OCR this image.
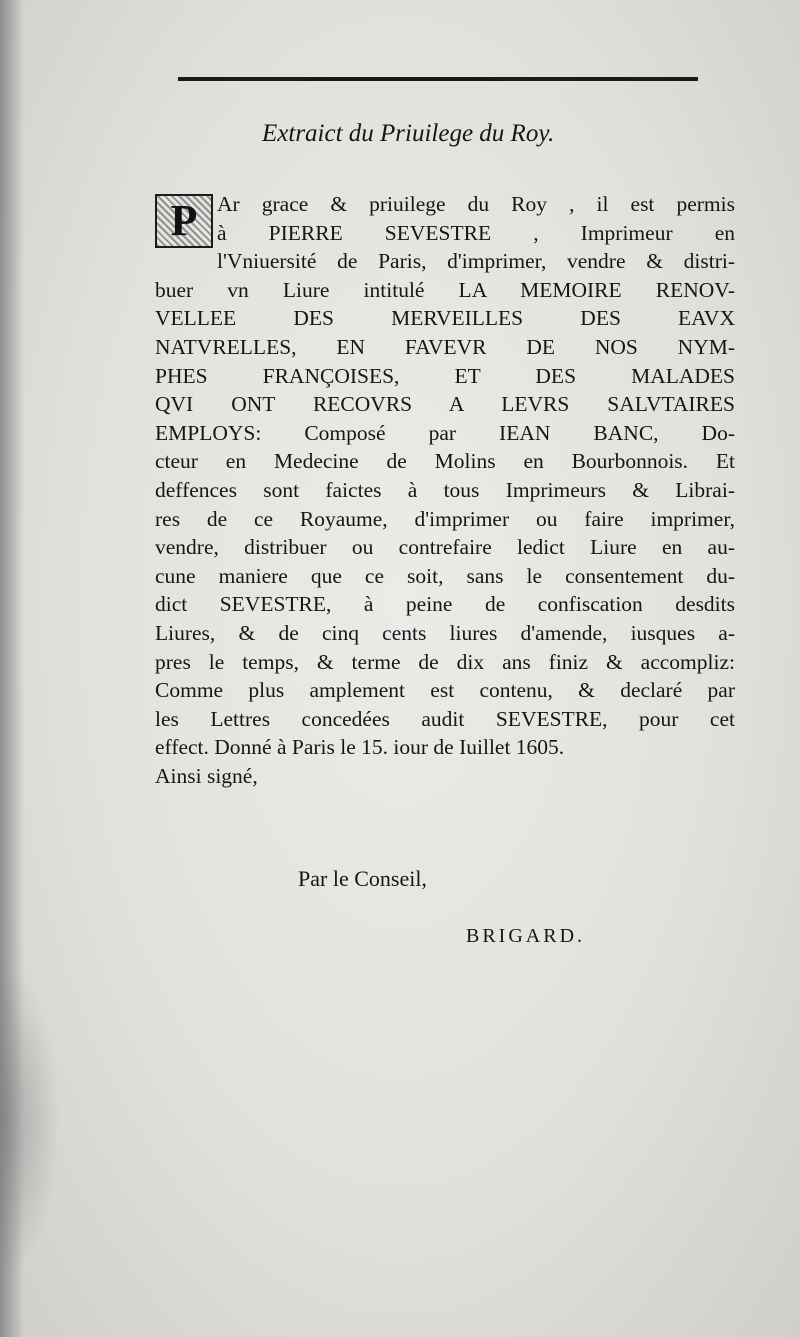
Extraict du Priuilege du Roy.
P Ar grace & priuilege du Roy , il est permis
à PIERRE SEVESTRE , Imprimeur en
l'Vniuersité de Paris, d'imprimer, vendre & distri-
buer vn Liure intitulé LA MEMOIRE RENOV-
VELLEE DES MERVEILLES DES EAVX
NATVRELLES, EN FAVEVR DE NOS NYM-
PHES FRANÇOISES, ET DES MALADES
QVI ONT RECOVRS A LEVRS SALVTAIRES
EMPLOYS: Composé par IEAN BANC, Do-
cteur en Medecine de Molins en Bourbonnois. Et
deffences sont faictes à tous Imprimeurs & Librai-
res de ce Royaume, d'imprimer ou faire imprimer,
vendre, distribuer ou contrefaire ledict Liure en au-
cune maniere que ce soit, sans le consentement du-
dict SEVESTRE, à peine de confiscation desdits
Liures, & de cinq cents liures d'amende, iusques a-
pres le temps, & terme de dix ans finiz & accompliz:
Comme plus amplement est contenu, & declaré par
les Lettres concedées audit SEVESTRE, pour cet
effect. Donné à Paris le 15. iour de Iuillet 1605.
Ainsi signé,
Par le Conseil,
BRIGARD.
